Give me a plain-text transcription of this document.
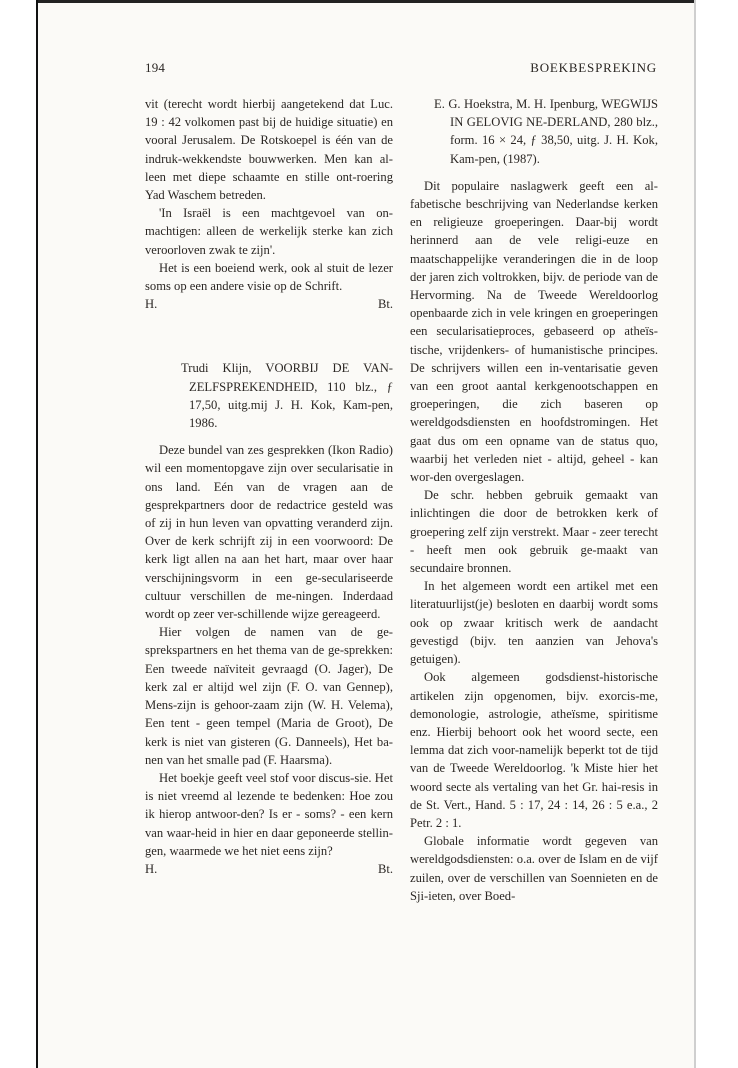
194	BOEKBESPREKING

vit (terecht wordt hierbij aangetekend dat Luc. 19 : 42 volkomen past bij de huidige situatie) en vooral Jerusalem. De Rotskoepel is één van de indruk-wekkendste bouwwerken. Men kan al-leen met diepe schaamte en stille ont-roering Yad Waschem betreden.

'In Israël is een machtgevoel van on-machtigen: alleen de werkelijk sterke kan zich veroorloven zwak te zijn'.

Het is een boeiend werk, ook al stuit de lezer soms op een andere visie op de Schrift.

H.	Bt.

Trudi Klijn, VOORBIJ DE VAN-ZELFSPREKENDHEID, 110 blz., ƒ 17,50, uitg.mij J. H. Kok, Kam-pen, 1986.

Deze bundel van zes gesprekken (Ikon Radio) wil een momentopgave zijn over secularisatie in ons land. Eén van de vragen aan de gesprekpartners door de redactrice gesteld was of zij in hun leven van opvatting veranderd zijn. Over de kerk schrijft zij in een voorwoord: De kerk ligt allen na aan het hart, maar over haar verschijningsvorm in een ge-seculariseerde cultuur verschillen de me-ningen. Inderdaad wordt op zeer ver-schillende wijze gereageerd.

Hier volgen de namen van de ge-sprekspartners en het thema van de ge-sprekken: Een tweede naïviteit gevraagd (O. Jager), De kerk zal er altijd wel zijn (F. O. van Gennep), Mens-zijn is gehoor-zaam zijn (W. H. Velema), Een tent - geen tempel (Maria de Groot), De kerk is niet van gisteren (G. Danneels), Het ba-nen van het smalle pad (F. Haarsma).

Het boekje geeft veel stof voor discus-sie. Het is niet vreemd al lezende te bedenken: Hoe zou ik hierop antwoor-den? Is er - soms? - een kern van waar-heid in hier en daar geponeerde stellin-gen, waarmede we het niet eens zijn?

H.	Bt.

E. G. Hoekstra, M. H. Ipenburg, WEGWIJS IN GELOVIG NE-DERLAND, 280 blz., form. 16 × 24, ƒ 38,50, uitg. J. H. Kok, Kam-pen, (1987).

Dit populaire naslagwerk geeft een al-fabetische beschrijving van Nederlandse kerken en religieuze groeperingen. Daar-bij wordt herinnerd aan de vele religi-euze en maatschappelijke veranderingen die in de loop der jaren zich voltrokken, bijv. de periode van de Hervorming. Na de Tweede Wereldoorlog openbaarde zich in vele kringen en groeperingen een secularisatieproces, gebaseerd op atheïs-tische, vrijdenkers- of humanistische principes. De schrijvers willen een in-ventarisatie geven van een groot aantal kerkgenootschappen en groeperingen, die zich baseren op wereldgodsdiensten en hoofdstromingen. Het gaat dus om een opname van de status quo, waarbij het verleden niet - altijd, geheel - kan wor-den overgeslagen.

De schr. hebben gebruik gemaakt van inlichtingen die door de betrokken kerk of groepering zelf zijn verstrekt. Maar - zeer terecht - heeft men ook gebruik ge-maakt van secundaire bronnen.

In het algemeen wordt een artikel met een literatuurlijst(je) besloten en daarbij wordt soms ook op zwaar kritisch werk de aandacht gevestigd (bijv. ten aanzien van Jehova's getuigen).

Ook algemeen godsdienst-historische artikelen zijn opgenomen, bijv. exorcis-me, demonologie, astrologie, atheïsme, spiritisme enz. Hierbij behoort ook het woord secte, een lemma dat zich voor-namelijk beperkt tot de tijd van de Tweede Wereldoorlog. 'k Miste hier het woord secte als vertaling van het Gr. hai-resis in de St. Vert., Hand. 5 : 17, 24 : 14, 26 : 5 e.a., 2 Petr. 2 : 1.

Globale informatie wordt gegeven van wereldgodsdiensten: o.a. over de Islam en de vijf zuilen, over de verschillen van Soennieten en de Sji-ieten, over Boed-
